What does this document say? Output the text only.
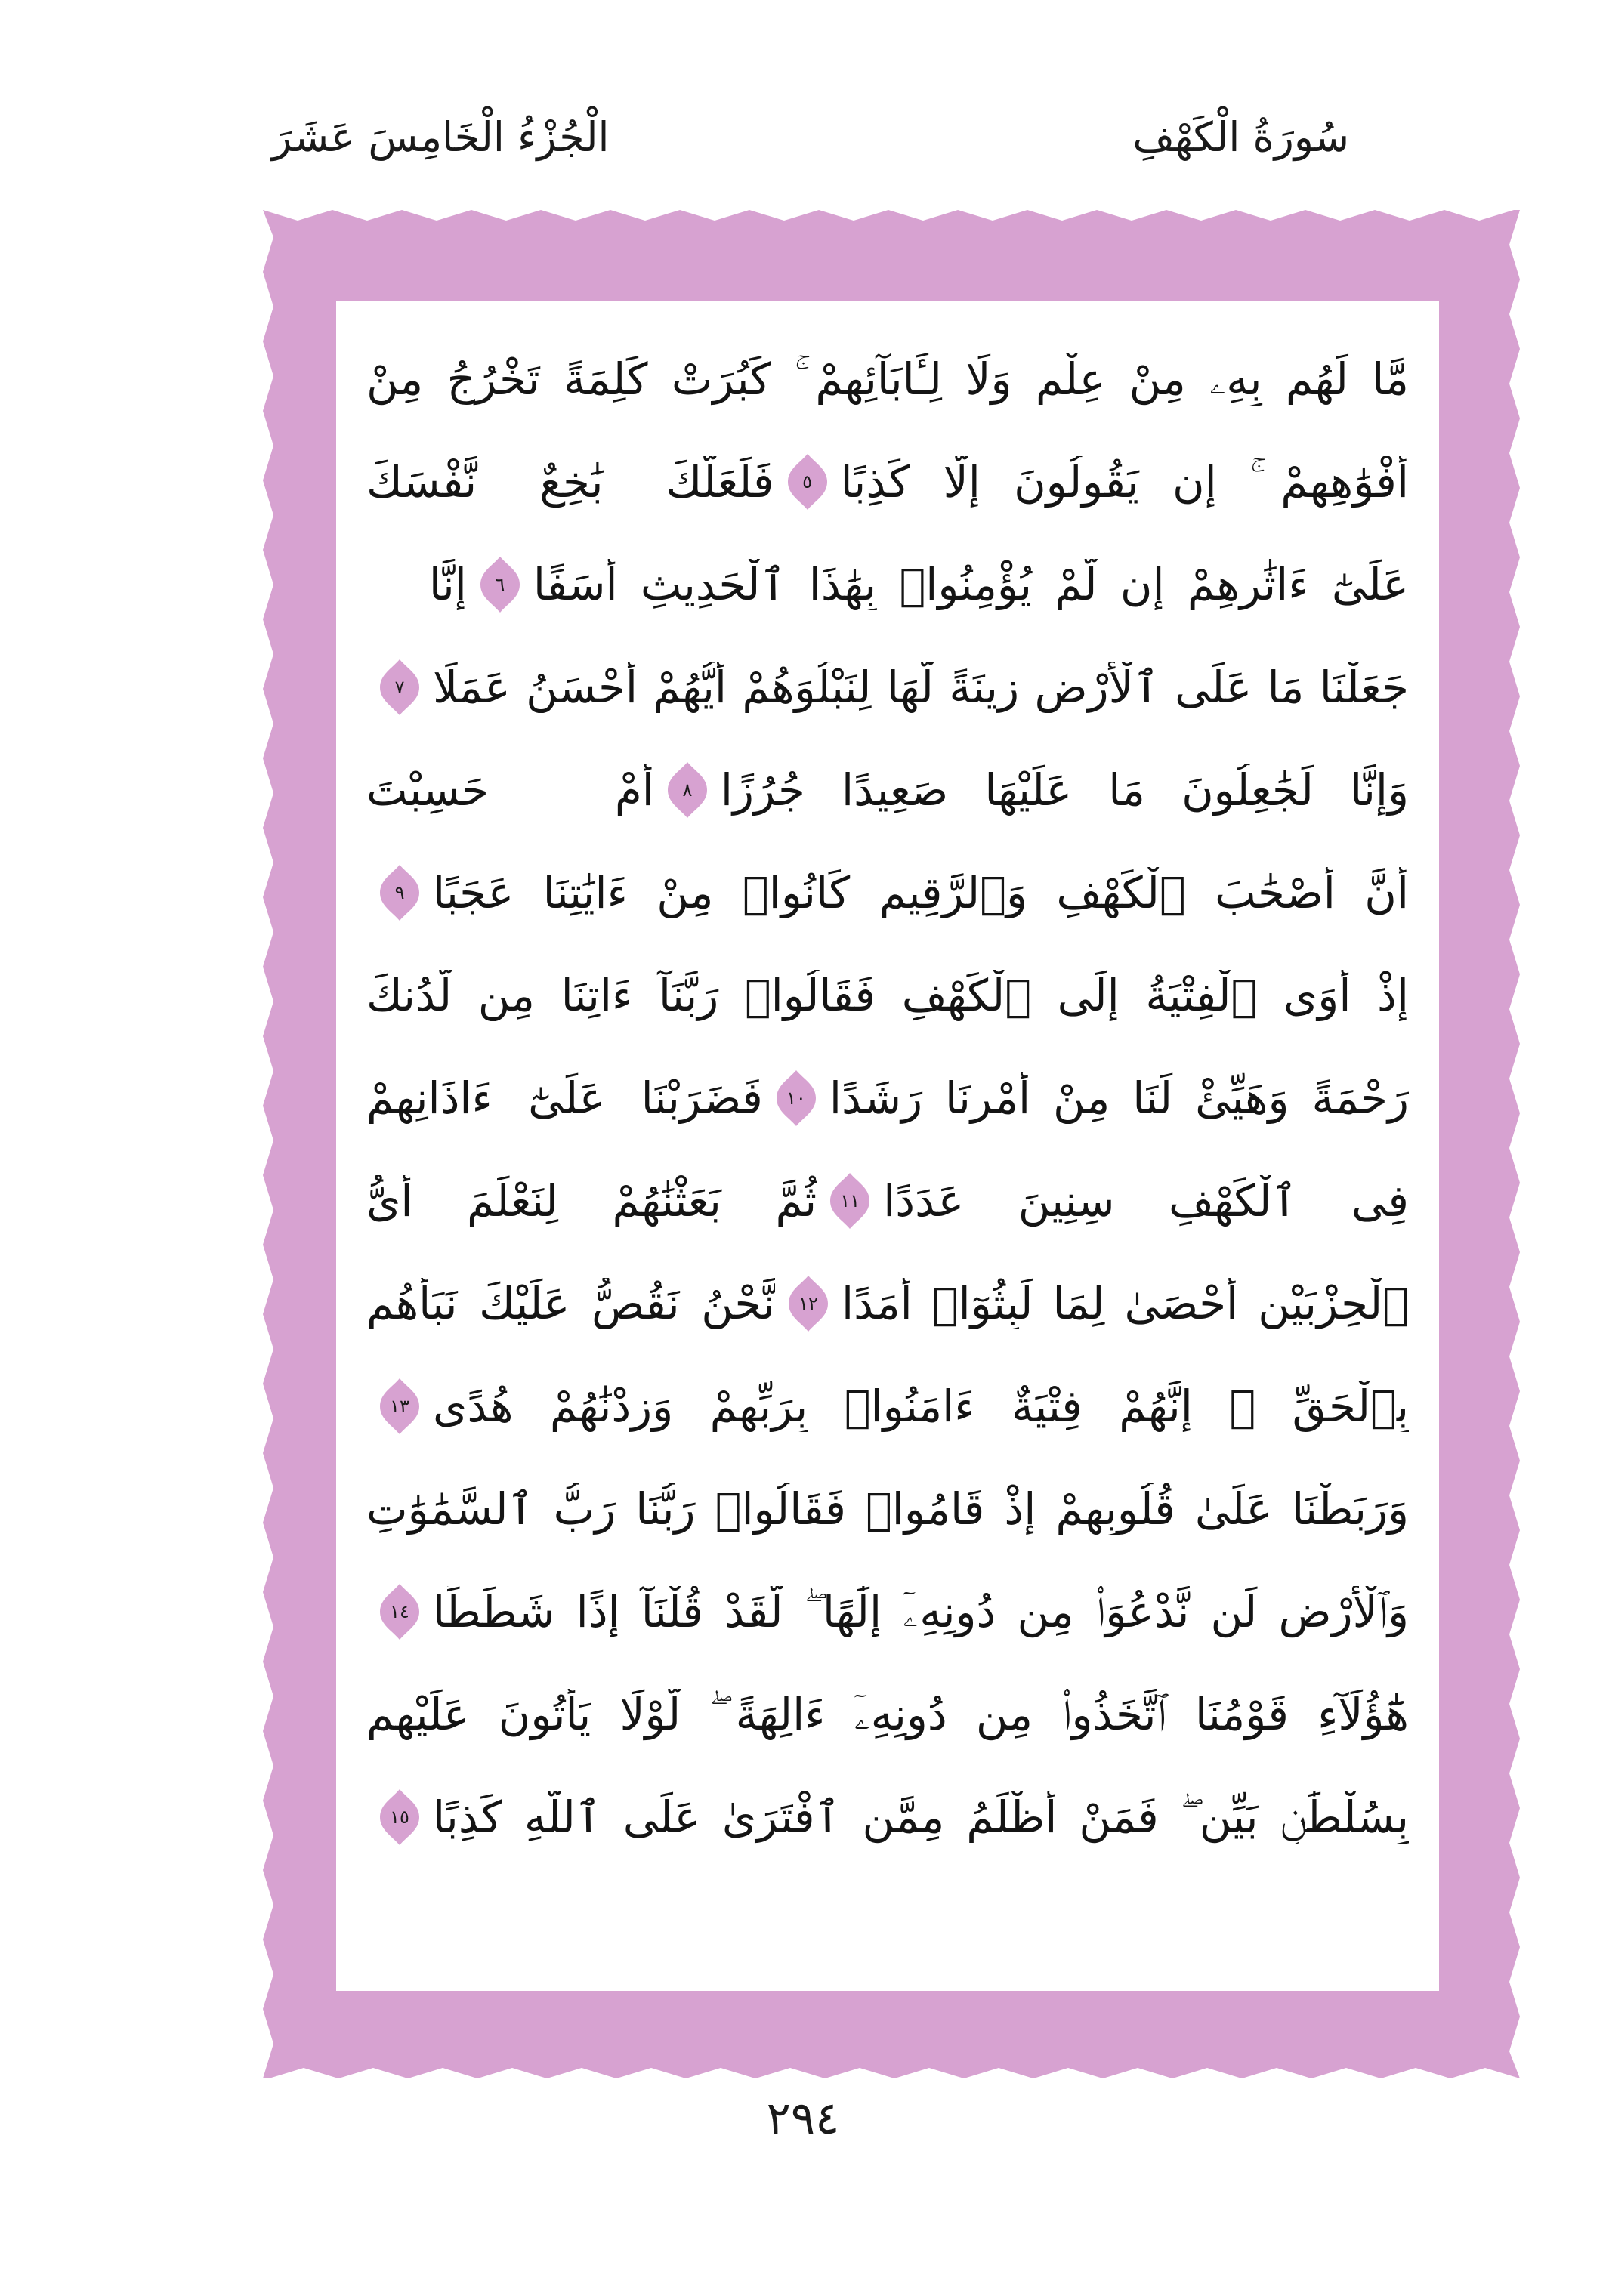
الْجُزْءُ الْخَامِسَ عَشَرَ	سُورَةُ الْكَهْفِ
مَّا لَهُم بِهِۦ مِنْ عِلْمٍ وَلَا لِـَٔابَآئِهِمْ ۚ كَبُرَتْ كَلِمَةً تَخْرُجُ مِنْ
أَفْوَٰهِهِمْ ۚ إِن يَقُولُونَ إِلَّا كَذِبًا
٥
فَلَعَلَّكَ بَٰخِعٌ نَّفْسَكَ
عَلَىٰٓ ءَاثَٰرِهِمْ إِن لَّمْ يُؤْمِنُوا۟ بِهَٰذَا ٱلْحَدِيثِ أَسَفًا
٦
إِنَّا
جَعَلْنَا مَا عَلَى ٱلْأَرْضِ زِينَةً لَّهَا لِنَبْلُوَهُمْ أَيُّهُمْ أَحْسَنُ عَمَلًا
٧
وَإِنَّا لَجَٰعِلُونَ مَا عَلَيْهَا صَعِيدًا جُرُزًا
٨
أَمْ حَسِبْتَ
أَنَّ أَصْحَٰبَ ٱلْكَهْفِ وَٱلرَّقِيمِ كَانُوا۟ مِنْ ءَايَٰتِنَا عَجَبًا
٩
إِذْ أَوَى ٱلْفِتْيَةُ إِلَى ٱلْكَهْفِ فَقَالُوا۟ رَبَّنَآ ءَاتِنَا مِن لَّدُنكَ
رَحْمَةً وَهَيِّئْ لَنَا مِنْ أَمْرِنَا رَشَدًا
١٠
فَضَرَبْنَا عَلَىٰٓ ءَاذَانِهِمْ
فِى ٱلْكَهْفِ سِنِينَ عَدَدًا
١١
ثُمَّ بَعَثْنَٰهُمْ لِنَعْلَمَ أَىُّ
ٱلْحِزْبَيْنِ أَحْصَىٰ لِمَا لَبِثُوٓا۟ أَمَدًا
١٢
نَّحْنُ نَقُصُّ عَلَيْكَ نَبَأَهُم
بِٱلْحَقِّ ۚ إِنَّهُمْ فِتْيَةٌ ءَامَنُوا۟ بِرَبِّهِمْ وَزِدْنَٰهُمْ هُدًى
١٣
وَرَبَطْنَا عَلَىٰ قُلُوبِهِمْ إِذْ قَامُوا۟ فَقَالُوا۟ رَبُّنَا رَبُّ ٱلسَّمَٰوَٰتِ
وَٱلْأَرْضِ لَن نَّدْعُوَا۟ مِن دُونِهِۦٓ إِلَٰهًا ۖ لَّقَدْ قُلْنَآ إِذًا شَطَطًا
١٤
هَٰٓؤُلَآءِ قَوْمُنَا ٱتَّخَذُوا۟ مِن دُونِهِۦٓ ءَالِهَةً ۖ لَّوْلَا يَأْتُونَ عَلَيْهِم
بِسُلْطَٰنٍۭ بَيِّنٍ ۖ فَمَنْ أَظْلَمُ مِمَّنِ ٱفْتَرَىٰ عَلَى ٱللَّهِ كَذِبًا
١٥
٢٩٤
